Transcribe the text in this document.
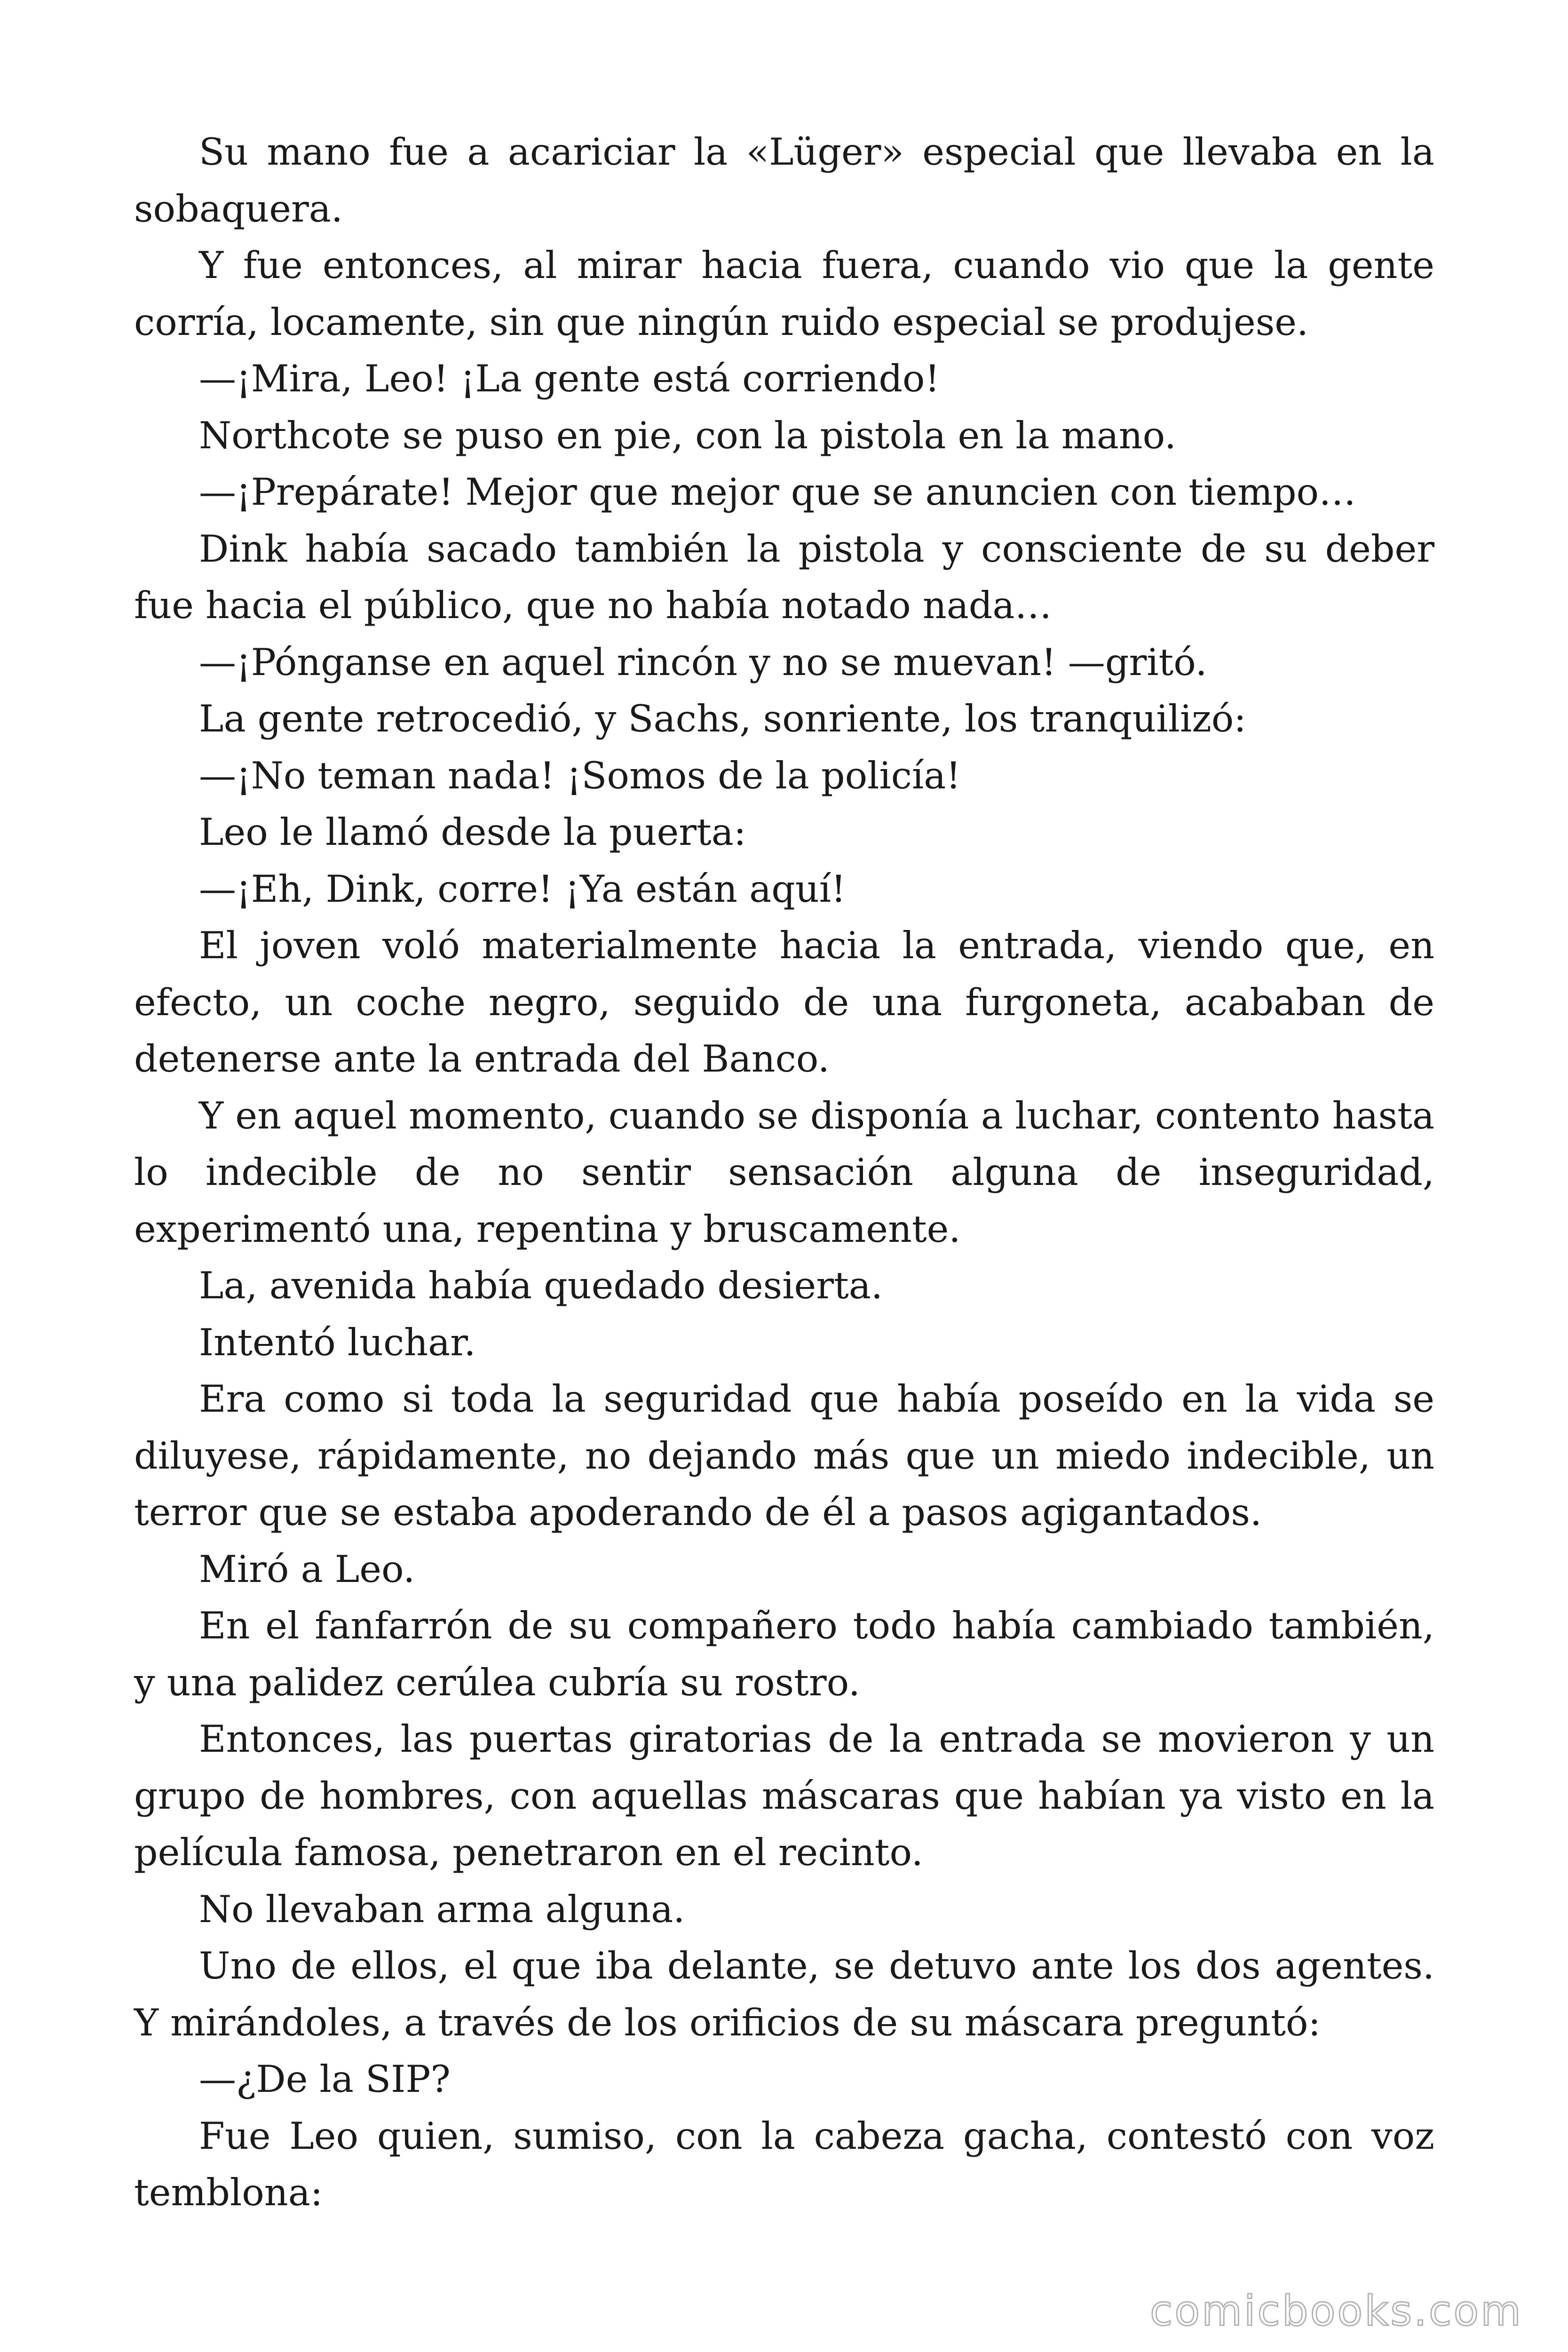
Su mano fue a acariciar la «Lüger» especial que llevaba en la sobaquera.

Y fue entonces, al mirar hacia fuera, cuando vio que la gente corría, locamente, sin que ningún ruido especial se produjese.

—¡Mira, Leo! ¡La gente está corriendo!

Northcote se puso en pie, con la pistola en la mano.

—¡Prepárate! Mejor que mejor que se anuncien con tiempo…

Dink había sacado también la pistola y consciente de su deber fue hacia el público, que no había notado nada…

—¡Pónganse en aquel rincón y no se muevan! —gritó.

La gente retrocedió, y Sachs, sonriente, los tranquilizó:

—¡No teman nada! ¡Somos de la policía!

Leo le llamó desde la puerta:

—¡Eh, Dink, corre! ¡Ya están aquí!

El joven voló materialmente hacia la entrada, viendo que, en efecto, un coche negro, seguido de una furgoneta, acababan de detenerse ante la entrada del Banco.

Y en aquel momento, cuando se disponía a luchar, contento hasta lo indecible de no sentir sensación alguna de inseguridad, experimentó una, repentina y bruscamente.

La, avenida había quedado desierta.

Intentó luchar.

Era como si toda la seguridad que había poseído en la vida se diluyese, rápidamente, no dejando más que un miedo indecible, un terror que se estaba apoderando de él a pasos agigantados.

Miró a Leo.

En el fanfarrón de su compañero todo había cambiado también, y una palidez cerúlea cubría su rostro.

Entonces, las puertas giratorias de la entrada se movieron y un grupo de hombres, con aquellas máscaras que habían ya visto en la película famosa, penetraron en el recinto.

No llevaban arma alguna.

Uno de ellos, el que iba delante, se detuvo ante los dos agentes. Y mirándoles, a través de los orificios de su máscara preguntó:

—¿De la SIP?

Fue Leo quien, sumiso, con la cabeza gacha, contestó con voz temblona:

comicbooks.com
